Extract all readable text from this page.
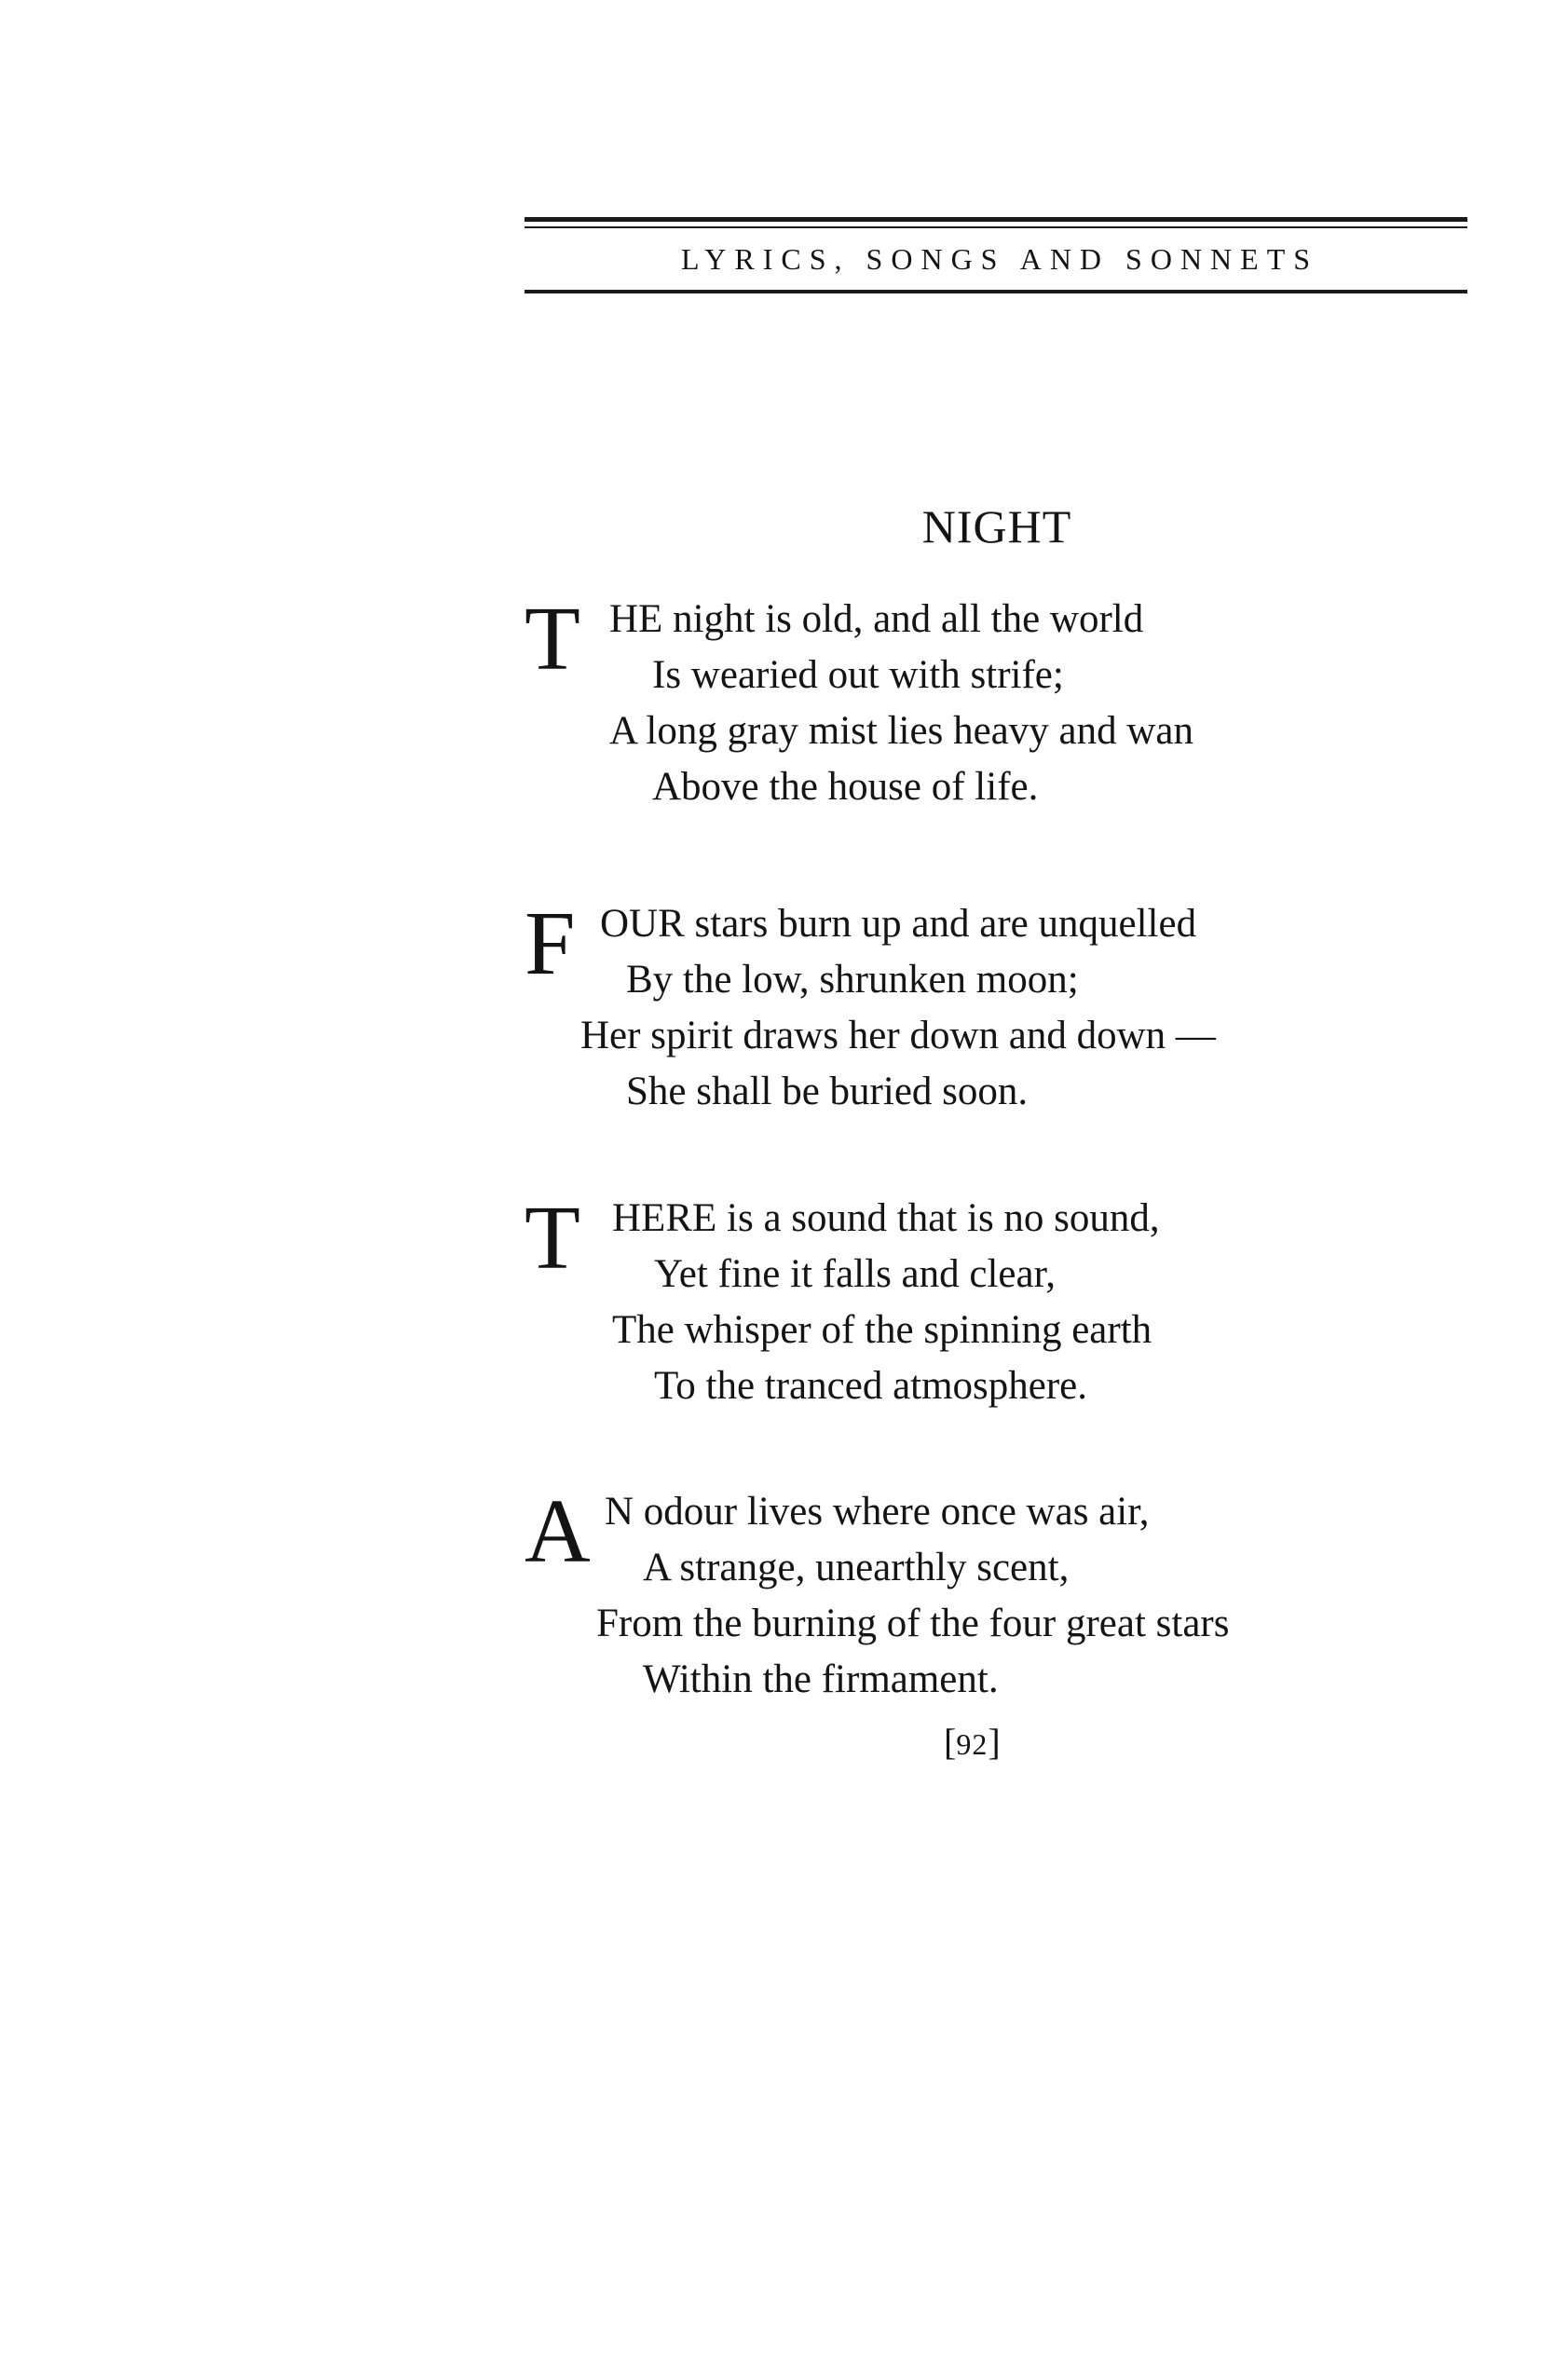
LYRICS, SONGS AND SONNETS
NIGHT
T HE night is old, and all the world
Is wearied out with strife;
A long gray mist lies heavy and wan
Above the house of life.
F OUR stars burn up and are unquelled
By the low, shrunken moon;
Her spirit draws her down and down —
She shall be buried soon.
T HERE is a sound that is no sound,
Yet fine it falls and clear,
The whisper of the spinning earth
To the tranced atmosphere.
A N odour lives where once was air,
A strange, unearthly scent,
From the burning of the four great stars
Within the firmament.
[92]
